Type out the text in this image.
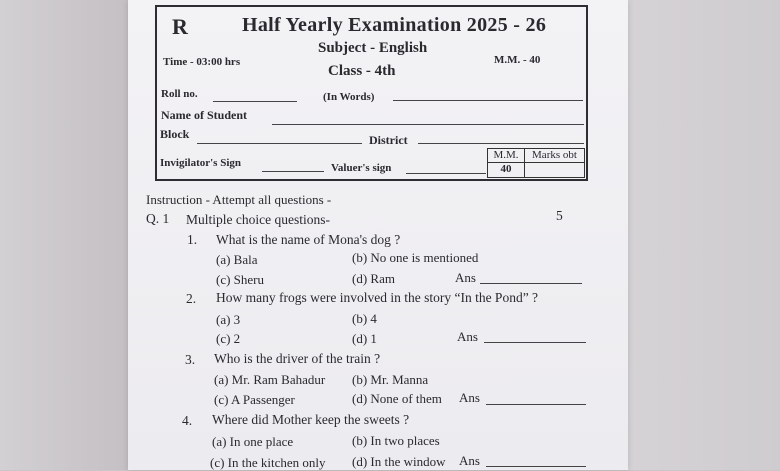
R	Half Yearly Examination 2025 - 26
Subject - English
Time - 03:00 hrs
Class - 4th
M.M. - 40
Roll no.	(In Words)
Name of Student
Block	District
Invigilator's Sign	Valuer's sign
M.M.	Marks obt
40
Instruction - Attempt all questions -
Q. 1 Multiple choice questions-	5
1. What is the name of Mona's dog ?
(a) Bala	(b) No one is mentioned
(c) Sheru	(d) Ram	Ans
2. How many frogs were involved in the story “In the Pond” ?
(a) 3	(b) 4
(c) 2	(d) 1	Ans
3. Who is the driver of the train ?
(a) Mr. Ram Bahadur (b) Mr. Manna
(c) A Passenger	(d) None of them Ans
4. Where did Mother keep the sweets ?
(a) In one place	(b) In two places
(c) In the kitchen only (d) In the window Ans
